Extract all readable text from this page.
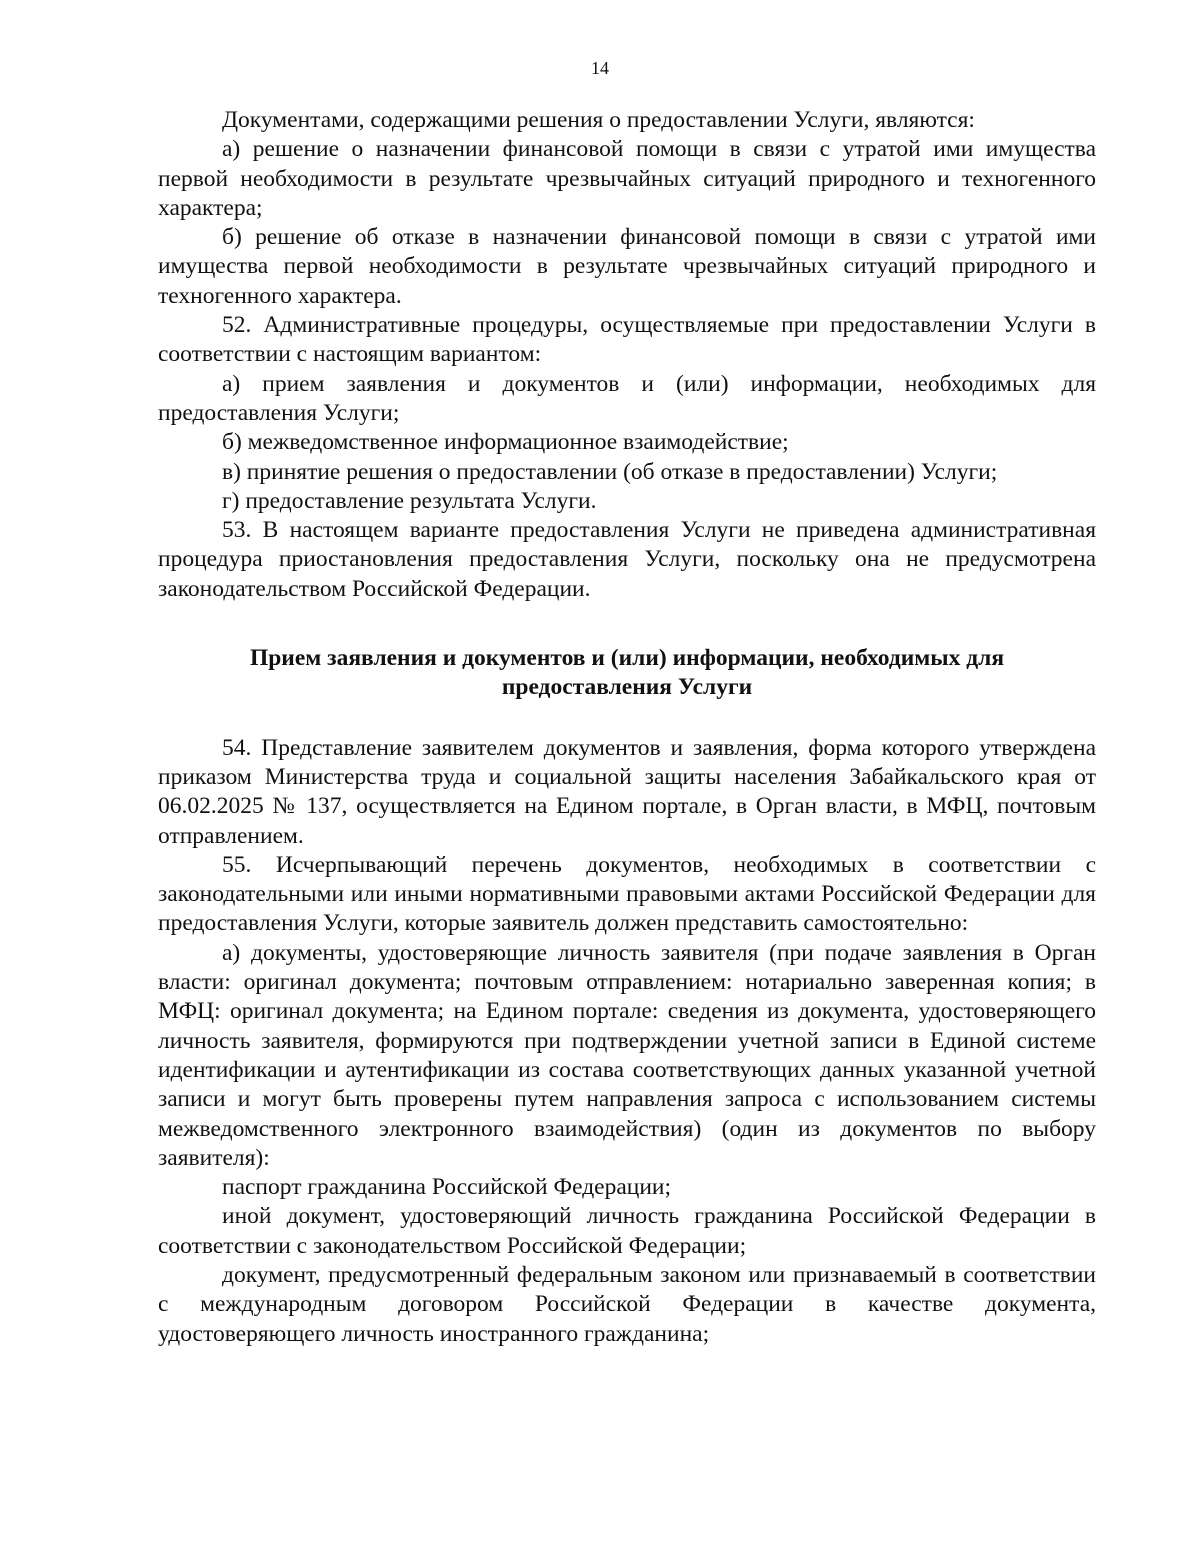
14

Документами, содержащими решения о предоставлении Услуги, являются:

а) решение о назначении финансовой помощи в связи с утратой ими имущества первой необходимости в результате чрезвычайных ситуаций природного и техногенного характера;

б) решение об отказе в назначении финансовой помощи в связи с утратой ими имущества первой необходимости в результате чрезвычайных ситуаций природного и техногенного характера.

52. Административные процедуры, осуществляемые при предоставлении Услуги в соответствии с настоящим вариантом:

а) прием заявления и документов и (или) информации, необходимых для предоставления Услуги;

б) межведомственное информационное взаимодействие;

в) принятие решения о предоставлении (об отказе в предоставлении) Услуги;

г) предоставление результата Услуги.

53. В настоящем варианте предоставления Услуги не приведена административная процедура приостановления предоставления Услуги, поскольку она не предусмотрена законодательством Российской Федерации.

Прием заявления и документов и (или) информации, необходимых для предоставления Услуги

54. Представление заявителем документов и заявления, форма которого утверждена приказом Министерства труда и социальной защиты населения Забайкальского края от 06.02.2025 № 137, осуществляется на Едином портале, в Орган власти, в МФЦ, почтовым отправлением.

55. Исчерпывающий перечень документов, необходимых в соответствии с законодательными или иными нормативными правовыми актами Российской Федерации для предоставления Услуги, которые заявитель должен представить самостоятельно:

а) документы, удостоверяющие личность заявителя (при подаче заявления в Орган власти: оригинал документа; почтовым отправлением: нотариально заверенная копия; в МФЦ: оригинал документа; на Едином портале: сведения из документа, удостоверяющего личность заявителя, формируются при подтверждении учетной записи в Единой системе идентификации и аутентификации из состава соответствующих данных указанной учетной записи и могут быть проверены путем направления запроса с использованием системы межведомственного электронного взаимодействия) (один из документов по выбору заявителя):

паспорт гражданина Российской Федерации;

иной документ, удостоверяющий личность гражданина Российской Федерации в соответствии с законодательством Российской Федерации;

документ, предусмотренный федеральным законом или признаваемый в соответствии с международным договором Российской Федерации в качестве документа, удостоверяющего личность иностранного гражданина;
